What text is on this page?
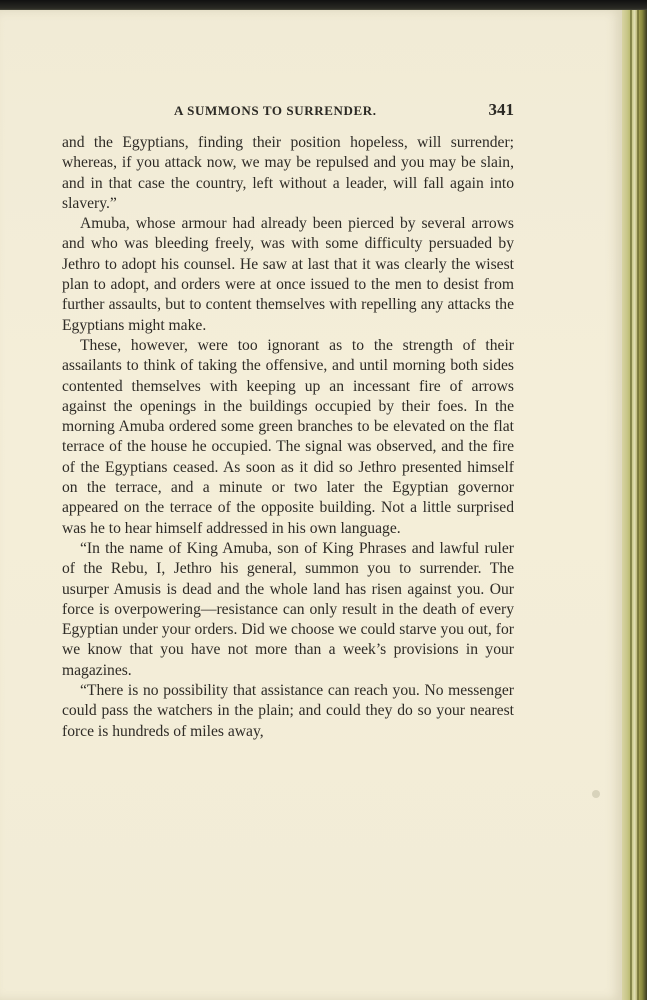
A SUMMONS TO SURRENDER.	341

and the Egyptians, finding their position hopeless, will surrender; whereas, if you attack now, we may be repulsed and you may be slain, and in that case the country, left without a leader, will fall again into slavery.”

Amuba, whose armour had already been pierced by several arrows and who was bleeding freely, was with some difficulty persuaded by Jethro to adopt his counsel. He saw at last that it was clearly the wisest plan to adopt, and orders were at once issued to the men to desist from further assaults, but to content themselves with repelling any attacks the Egyptians might make.

These, however, were too ignorant as to the strength of their assailants to think of taking the offensive, and until morning both sides contented themselves with keeping up an incessant fire of arrows against the openings in the buildings occupied by their foes. In the morning Amuba ordered some green branches to be elevated on the flat terrace of the house he occupied. The signal was observed, and the fire of the Egyptians ceased. As soon as it did so Jethro presented himself on the terrace, and a minute or two later the Egyptian governor appeared on the terrace of the opposite building. Not a little surprised was he to hear himself addressed in his own language.

“In the name of King Amuba, son of King Phrases and lawful ruler of the Rebu, I, Jethro his general, summon you to surrender. The usurper Amusis is dead and the whole land has risen against you. Our force is overpowering—resistance can only result in the death of every Egyptian under your orders. Did we choose we could starve you out, for we know that you have not more than a week’s provisions in your magazines.

“There is no possibility that assistance can reach you. No messenger could pass the watchers in the plain; and could they do so your nearest force is hundreds of miles away,
